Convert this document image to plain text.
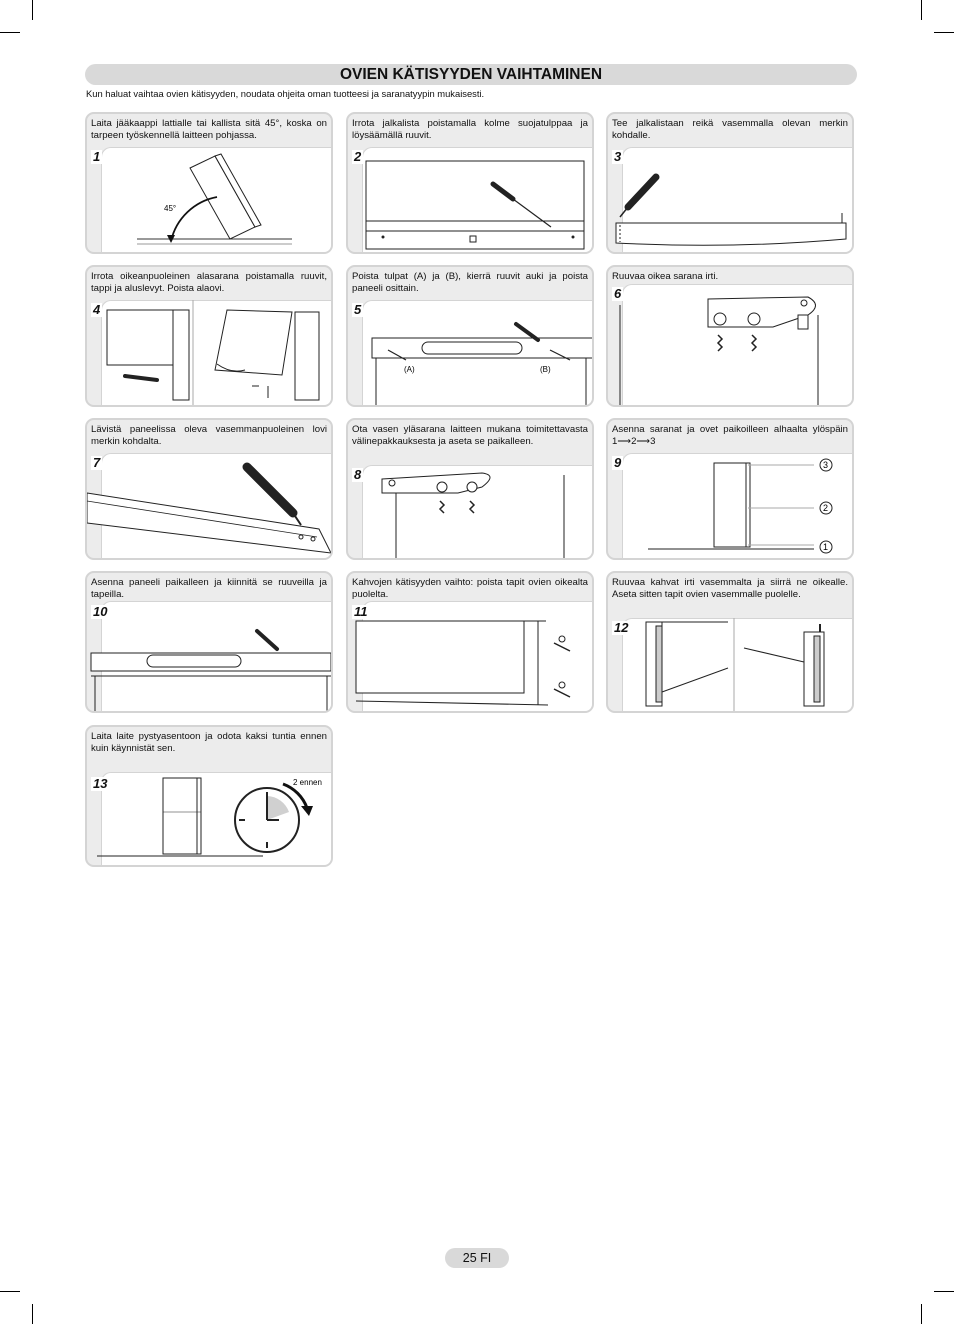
OVIEN KÄTISYYDEN VAIHTAMINEN
Kun haluat vaihtaa ovien kätisyyden, noudata ohjeita oman tuotteesi ja saranatyypin mukaisesti.
Laita jääkaappi lattialle tai kallista sitä 45°, koska on tarpeen työskennellä laitteen pohjassa.
1
45°
Irrota jalkalista poistamalla kolme suojatulppaa ja löysäämällä ruuvit.
2
Tee jalkalistaan reikä vasemmalla olevan merkin kohdalle.
3
Irrota oikeanpuoleinen alasarana poistamalla ruuvit, tappi ja aluslevyt. Poista alaovi.
4
Poista tulpat (A) ja (B), kierrä ruuvit auki ja poista paneeli osittain.
5
(A)	(B)
Ruuvaa oikea sarana irti.
6
Lävistä paneelissa oleva vasemmanpuoleinen lovi merkin kohdalta.
7
Ota vasen yläsarana laitteen mukana toimitettavasta välinepakkauksesta ja aseta se paikalleen.
8
Asenna saranat ja ovet paikoilleen alhaalta ylöspäin 1⟶2⟶3
9	3
2
1
Asenna paneeli paikalleen ja kiinnitä se ruuveilla ja tapeilla.
10
Kahvojen kätisyyden vaihto: poista tapit ovien oikealta puolelta.
11
Ruuvaa kahvat irti vasemmalta ja siirrä ne oikealle. Aseta sitten tapit ovien vasemmalle puolelle.
12
Laita laite pystyasentoon ja odota kaksi tuntia ennen kuin käynnistät sen.
13	2 ennen
25 FI
